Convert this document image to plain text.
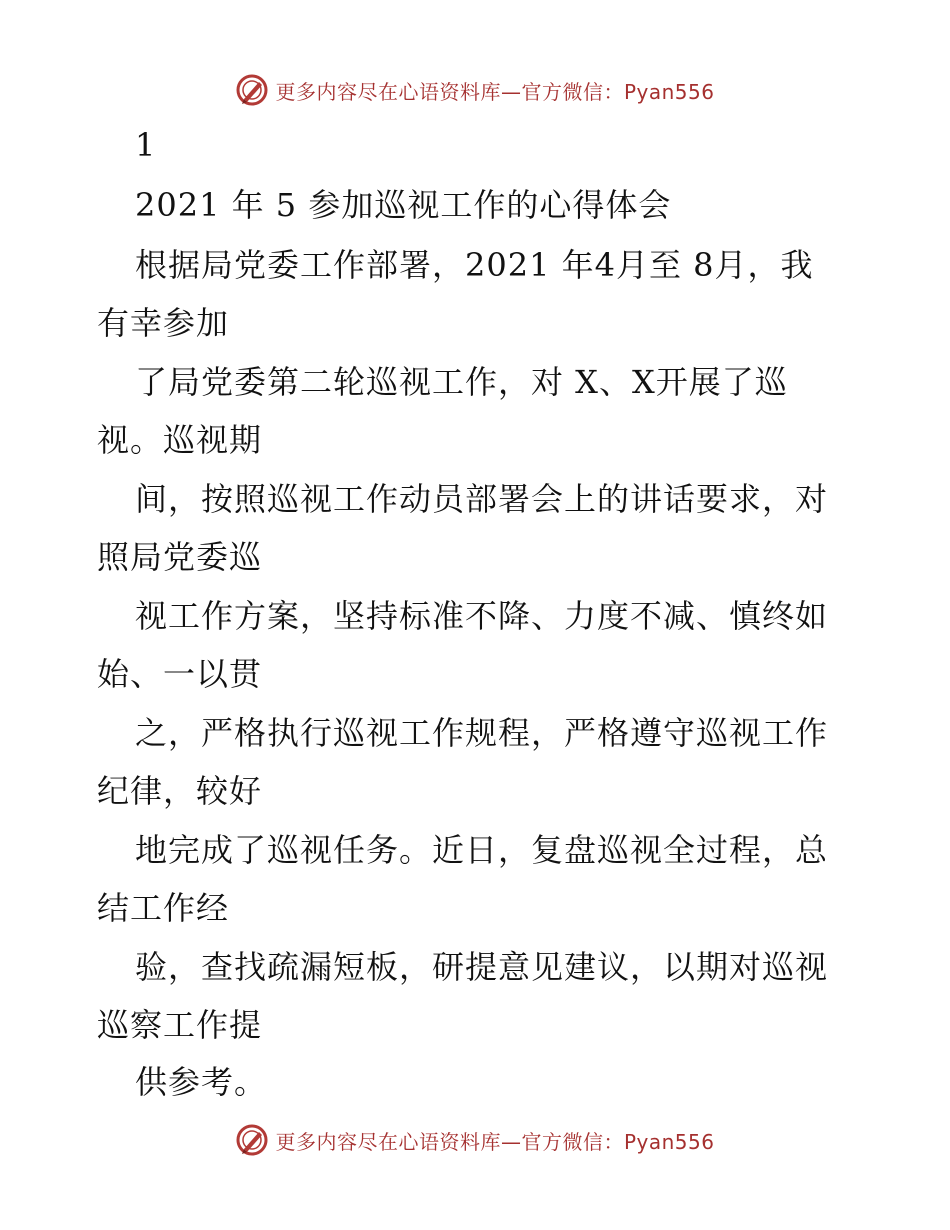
更多内容尽在心语资料库—官方微信：Pyan556
1
2021 年 5 参加巡视工作的心得体会
根据局党委工作部署，2021 年4月至 8月，我
有幸参加
了局党委第二轮巡视工作，对 X、X开展了巡
视。巡视期
间，按照巡视工作动员部署会上的讲话要求，对
照局党委巡
视工作方案，坚持标准不降、力度不减、慎终如
始、一以贯
之，严格执行巡视工作规程，严格遵守巡视工作
纪律，较好
地完成了巡视任务。近日，复盘巡视全过程，总
结工作经
验，查找疏漏短板，研提意见建议，以期对巡视
巡察工作提
供参考。
更多内容尽在心语资料库—官方微信：Pyan556
